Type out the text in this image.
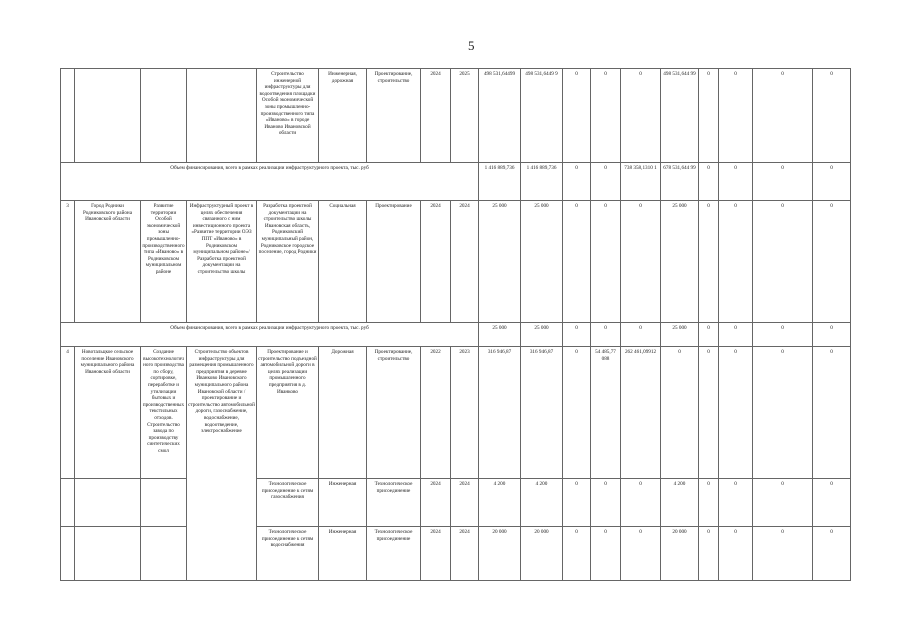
5
				Строительство инженерной инфраструктуры для водоотведения площадки Особой экономической зоны промышленно-производственного типа «Иваново» в городе Иваново Ивановской области	Инженерная, дорожная	Проектирование, строительство	2024	2025	498 531,64499	498 531,6449 9	0	0	0	498 531,644 99	0	0	0	0
Объем финансирования, всего в рамках реализации инфраструктурного проекта, тыс. руб									1 416 889,736	1 416 889,736	0	0	738 358,1310 1	678 531,644 99	0	0	0	0
3	Город Родники Родниковского района Ивановской области	Развитие территории Особой экономической зоны промышленно-производственного типа «Иваново» в Родниковском муниципальном районе	Инфраструктурный проект в целях обеспечения связанного с ним инвестиционного проекта «Развитие территории ОЭЗ ППТ «Иваново» в Родниковском муниципальном районе»/Разработка проектной документации на строительство школы	Разработка проектной документации на строительство школы Ивановская область, Родниковский муниципальный район, Родниковское городское поселение, город Родники	Социальная	Проектирование	2024	2024	25 000	25 000	0	0	0	25 000	0	0	0	0
Объем финансирования, всего в рамках реализации инфраструктурного проекта, тыс. руб									25 000	25 000	0	0	0	25 000	0	0	0	0
4	Новотальцкое сельское поселение Ивановского муниципального района Ивановской области	Создание высокотехнологичного производства по сбору, сортировке, переработке и утилизации бытовых и производственных текстильных отходов. Строительство завода по производству синтетических смол	Строительство объектов инфраструктуры для размещения промышленного предприятия в деревне Иванково Ивановского муниципального района Ивановской области / проектирование и строительство автомобильной дороги, газоснабжение, водоснабжение, водоотведение, электроснабжение	Проектирование и строительство подъездной автомобильной дороги в целях реализации промышленного предприятия в д. Иванково	Дорожная	Проектирование, строительство	2022	2023	316 946,87	316 946,87	0	54 485,77 088	262 461,09912	0	0	0	0	0
				Технологическое присоединение к сетям газоснабжения	Инженерная	Технологическое присоединение	2024	2024	4 200	4 200	0	0	0	4 200	0	0	0	0
				Технологическое присоединение к сетям водоснабжения	Инженерная	Технологическое присоединение	2024	2024	20 000	20 000	0	0	0	20 000	0	0	0	0
